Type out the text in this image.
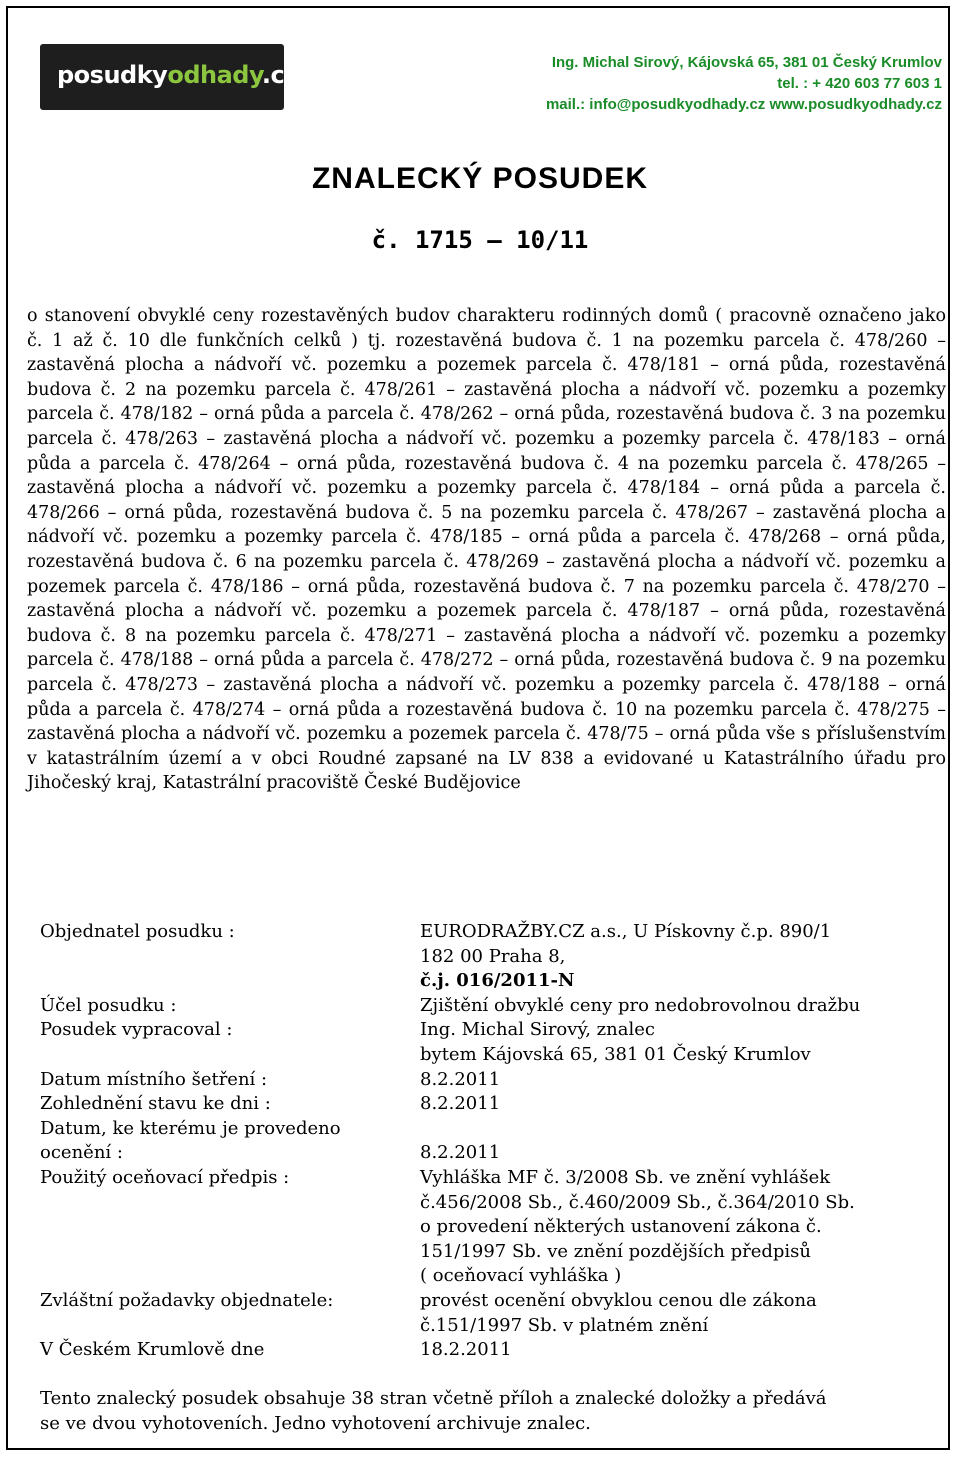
posudkyodhady.cz	Ing. Michal Sirový, Kájovská 65, 381 01 Český Krumlov
tel. : + 420 603 77 603 1
mail.: info@posudkyodhady.cz www.posudkyodhady.cz
ZNALECKÝ POSUDEK
č. 1715 – 10/11
o stanovení obvyklé ceny rozestavěných budov charakteru rodinných domů ( pracovně označeno jako č. 1 až č. 10 dle funkčních celků ) tj. rozestavěná budova č. 1 na pozemku parcela č. 478/260 – zastavěná plocha a nádvoří vč. pozemku a pozemek parcela č. 478/181 – orná půda, rozestavěná budova č. 2 na pozemku parcela č. 478/261 – zastavěná plocha a nádvoří vč. pozemku a pozemky parcela č. 478/182 – orná půda a parcela č. 478/262 – orná půda, rozestavěná budova č. 3 na pozemku parcela č. 478/263 – zastavěná plocha a nádvoří vč. pozemku a pozemky parcela č. 478/183 – orná půda a parcela č. 478/264 – orná půda, rozestavěná budova č. 4 na pozemku parcela č. 478/265 – zastavěná plocha a nádvoří vč. pozemku a pozemky parcela č. 478/184 – orná půda a parcela č. 478/266 – orná půda, rozestavěná budova č. 5 na pozemku parcela č. 478/267 – zastavěná plocha a nádvoří vč. pozemku a pozemky parcela č. 478/185 – orná půda a parcela č. 478/268 – orná půda, rozestavěná budova č. 6 na pozemku parcela č. 478/269 – zastavěná plocha a nádvoří vč. pozemku a pozemek parcela č. 478/186 – orná půda, rozestavěná budova č. 7 na pozemku parcela č. 478/270 – zastavěná plocha a nádvoří vč. pozemku a pozemek parcela č. 478/187 – orná půda, rozestavěná budova č. 8 na pozemku parcela č. 478/271 – zastavěná plocha a nádvoří vč. pozemku a pozemky parcela č. 478/188 – orná půda a parcela č. 478/272 – orná půda, rozestavěná budova č. 9 na pozemku parcela č. 478/273 – zastavěná plocha a nádvoří vč. pozemku a pozemky parcela č. 478/188 – orná půda a parcela č. 478/274 – orná půda a rozestavěná budova č. 10 na pozemku parcela č. 478/275 – zastavěná plocha a nádvoří vč. pozemku a pozemek parcela č. 478/75 – orná půda vše s příslušenstvím v katastrálním území a v obci Roudné zapsané na LV 838 a evidované u Katastrálního úřadu pro Jihočeský kraj, Katastrální pracoviště České Budějovice
Objednatel posudku :	EURODRAŽBY.CZ a.s., U Pískovny č.p. 890/1
182 00 Praha 8,
č.j. 016/2011-N
Účel posudku :	Zjištění obvyklé ceny pro nedobrovolnou dražbu
Posudek vypracoval :	Ing. Michal Sirový, znalec
bytem Kájovská 65, 381 01 Český Krumlov
Datum místního šetření :	8.2.2011
Zohlednění stavu ke dni :	8.2.2011
Datum, ke kterému je provedeno
ocenění :	8.2.2011
Použitý oceňovací předpis :	Vyhláška MF č. 3/2008 Sb. ve znění vyhlášek
č.456/2008 Sb., č.460/2009 Sb., č.364/2010 Sb.
o provedení některých ustanovení zákona č.
151/1997 Sb. ve znění pozdějších předpisů
( oceňovací vyhláška )
Zvláštní požadavky objednatele:	provést ocenění obvyklou cenou dle zákona
č.151/1997 Sb. v platném znění
V Českém Krumlově dne	18.2.2011
Tento znalecký posudek obsahuje 38 stran včetně příloh a znalecké doložky a předává
se ve dvou vyhotoveních. Jedno vyhotovení archivuje znalec.
